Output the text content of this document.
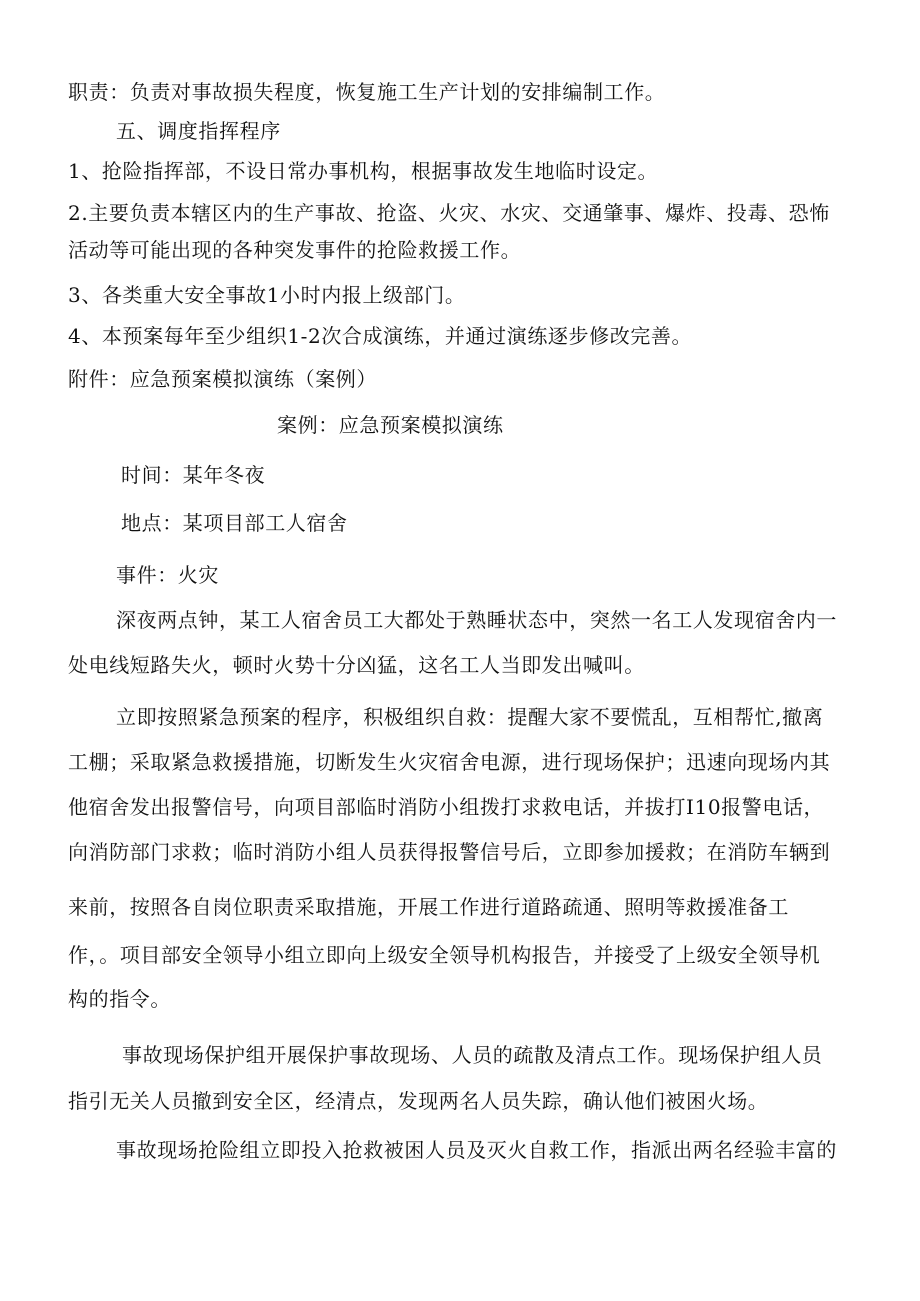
职责：负责对事故损失程度，恢复施工生产计划的安排编制工作。
五、调度指挥程序
1、抢险指挥部，不设日常办事机构，根据事故发生地临时设定。
2.主要负责本辖区内的生产事故、抢盗、火灾、水灾、交通肇事、爆炸、投毒、恐怖
活动等可能出现的各种突发事件的抢险救援工作。
3、各类重大安全事故1小时内报上级部门。
4、本预案每年至少组织1-2次合成演练，并通过演练逐步修改完善。
附件：应急预案模拟演练（案例）
案例：应急预案模拟演练
时间：某年冬夜
地点：某项目部工人宿舍
事件：火灾
深夜两点钟，某工人宿舍员工大都处于熟睡状态中，突然一名工人发现宿舍内一
处电线短路失火，顿时火势十分凶猛，这名工人当即发出喊叫。
立即按照紧急预案的程序，积极组织自救：提醒大家不要慌乱，互相帮忙,撤离
工棚；采取紧急救援措施，切断发生火灾宿舍电源，进行现场保护；迅速向现场内其
他宿舍发出报警信号，向项目部临时消防小组拨打求救电话，并拔打I10报警电话，
向消防部门求救；临时消防小组人员获得报警信号后，立即参加援救；在消防车辆到
来前，按照各自岗位职责采取措施，开展工作进行道路疏通、照明等救援准备工
作，。项目部安全领导小组立即向上级安全领导机构报告，并接受了上级安全领导机
构的指令。
事故现场保护组开展保护事故现场、人员的疏散及清点工作。现场保护组人员
指引无关人员撤到安全区，经清点，发现两名人员失踪，确认他们被困火场。
事故现场抢险组立即投入抢救被困人员及灭火自救工作，指派出两名经验丰富的
